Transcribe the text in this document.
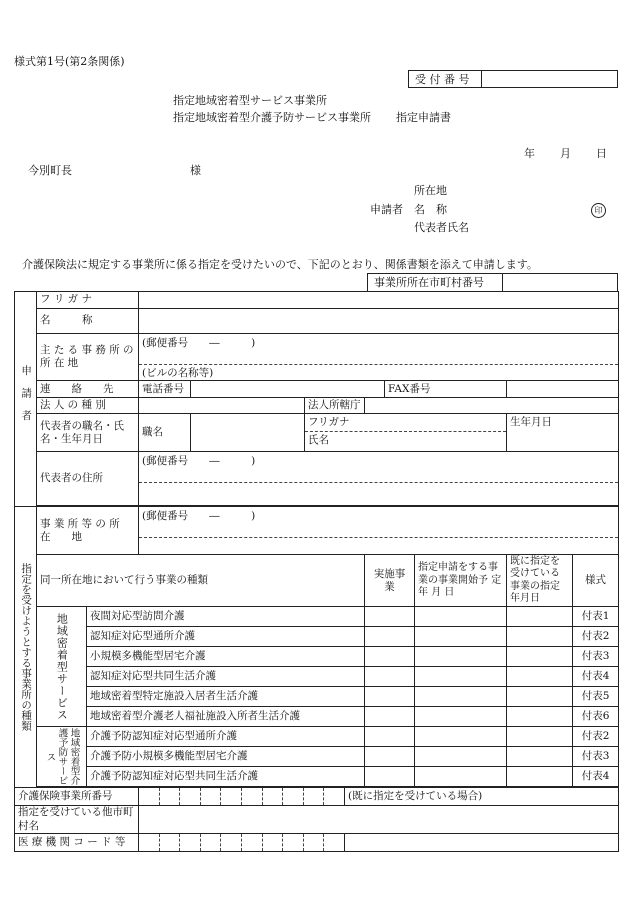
様式第1号(第2条関係)
受 付 番 号
指定地域密着型サービス事業所
指定地域密着型介護予防サービス事業所 指定申請書
年 月 日
今別町長	様
所在地
申請者 名　称	印
代表者氏名
介護保険法に規定する事業所に係る指定を受けたいので、下記のとおり、関係書類を添えて申請します。
事業所所在市町村番号
申請者	フ リ ガ ナ										
	名　　　称										
	主 た る 事 務 所 の 所 在 地		(郵便番号　　―　　　)
(ビルの名称等)								

	連　　絡　　先		電話番号					FAX番号			
	法 人 の 種 別				法人所轄庁						
	代表者の職名・氏名・生年月日		職名		フリガナ
氏名					生年月日	
	代表者の住所		(郵便番号　　―　　　)								

指定を受けようとする事業所の種類	事 業 所 等 の 所　　在　　地		(郵便番号　　―　　　)								

	同一所在地において行う事業の種類						実施事業		指定申請をする事業の事業開始予 定 年 月 日	既に指定を受けている事業の指定年月日	様式
	地域密着型サービス	夜間対応型訪問介護									付表1
		認知症対応型通所介護									付表2
		小規模多機能型居宅介護									付表3
		認知症対応型共同生活介護									付表4
		地域密着型特定施設入居者生活介護									付表5
		地域密着型介護老人福祉施設入所者生活介護									付表6

	地域密着型介護予防サービス	介護予防認知症対応型通所介護									付表2
		介護予防小規模多機能型居宅介護									付表3
		介護予防認知症対応型共同生活介護									付表4

介護保険事業所番号						(既に指定を受けている場合)					
指定を受けている他市町村名											
医 療 機 関 コ ー ド 等										
